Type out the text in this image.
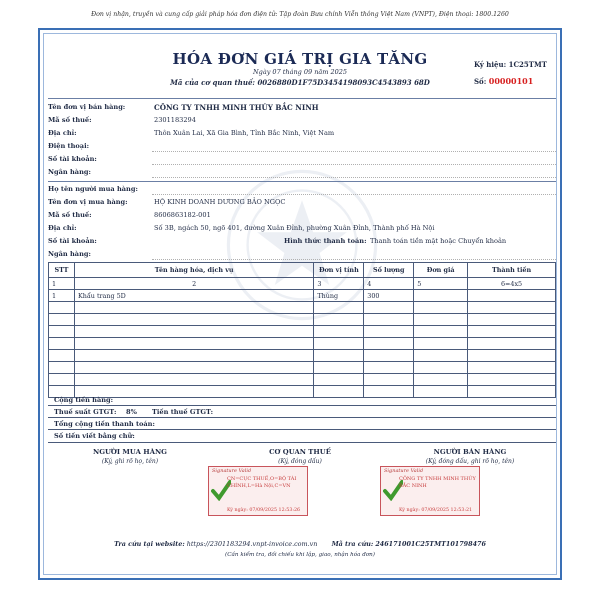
Đơn vị nhận, truyền và cung cấp giải pháp hóa đơn điện tử: Tập đoàn Bưu chính Viễn thông Việt Nam (VNPT), Điện thoại: 1800.1260
HÓA ĐƠN GIÁ TRỊ GIA TĂNG
Ngày 07 tháng 09 năm 2025
Mã của cơ quan thuế: 0026880D1F75D3454198093C4543893 68D
Ký hiệu: 1C25TMT
Số: 00000101
Tên đơn vị bán hàng:	CÔNG TY TNHH MINH THÚY BẮC NINH
Mã số thuế:	2301183294
Địa chỉ:	Thôn Xuân Lai, Xã Gia Bình, Tỉnh Bắc Ninh, Việt Nam
Điện thoại:
Số tài khoản:
Ngân hàng:
Họ tên người mua hàng:
Tên đơn vị mua hàng:	HỘ KINH DOANH DƯƠNG BẢO NGỌC
Mã số thuế:	8606863182-001
Địa chỉ:	Số 3B, ngách 50, ngõ 401, đường Xuân Đỉnh, phường Xuân Đỉnh, Thành phố Hà Nội
Số tài khoản:	Hình thức thanh toán: Thanh toán tiền mặt hoặc Chuyển khoản
Ngân hàng:
STT	Tên hàng hóa, dịch vụ	Đơn vị tính	Số lượng	Đơn giá	Thành tiền
1	2	3	4	5	6=4x5
1	Khẩu trang 5D	Thùng	300		

Cộng tiền hàng:
Thuế suất GTGT: 8% Tiền thuế GTGT:
Tổng cộng tiền thanh toán:
Số tiền viết bằng chữ:
NGƯỜI MUA HÀNG
(Ký, ghi rõ họ, tên)
CƠ QUAN THUẾ
(Ký, đóng dấu)
NGƯỜI BÁN HÀNG
(Ký, đóng dấu, ghi rõ họ, tên)
Signature Valid
CN=CỤC THUẾ,O=BỘ TÀI CHÍNH,L=Hà Nội,C=VN
Ký ngày: 07/09/2025 12:53:26
Signature Valid
CÔNG TY TNHH MINH THÚY BẮC NINH
Ký ngày: 07/09/2025 12:53:21
Tra cứu tại website: https://2301183294.vnpt-invoice.com.vn Mã tra cứu: 246171001C25TMT101798476
(Cần kiểm tra, đối chiếu khi lập, giao, nhận hóa đơn)
